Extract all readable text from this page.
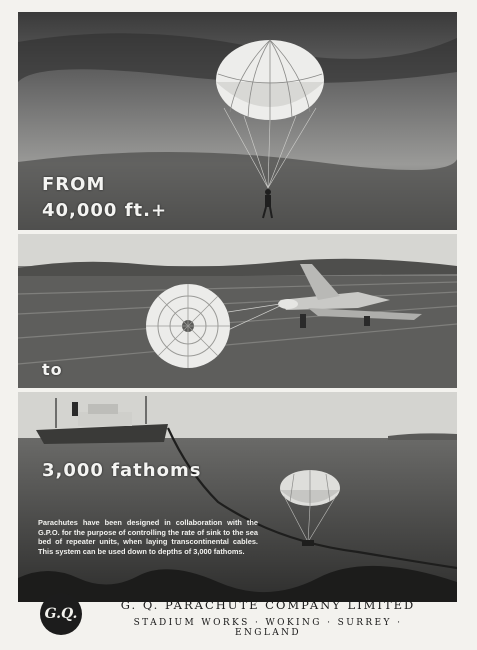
FROM
40,000 ft.+
to
3,000 fathoms
Parachutes have been designed in collaboration with the G.P.O. for the purpose of controlling the rate of sink to the sea bed of repeater units, when laying transcontinental cables. This system can be used down to depths of 3,000 fathoms.
G.Q.
G. Q. PARACHUTE COMPANY LIMITED
STADIUM WORKS · WOKING · SURREY · ENGLAND
